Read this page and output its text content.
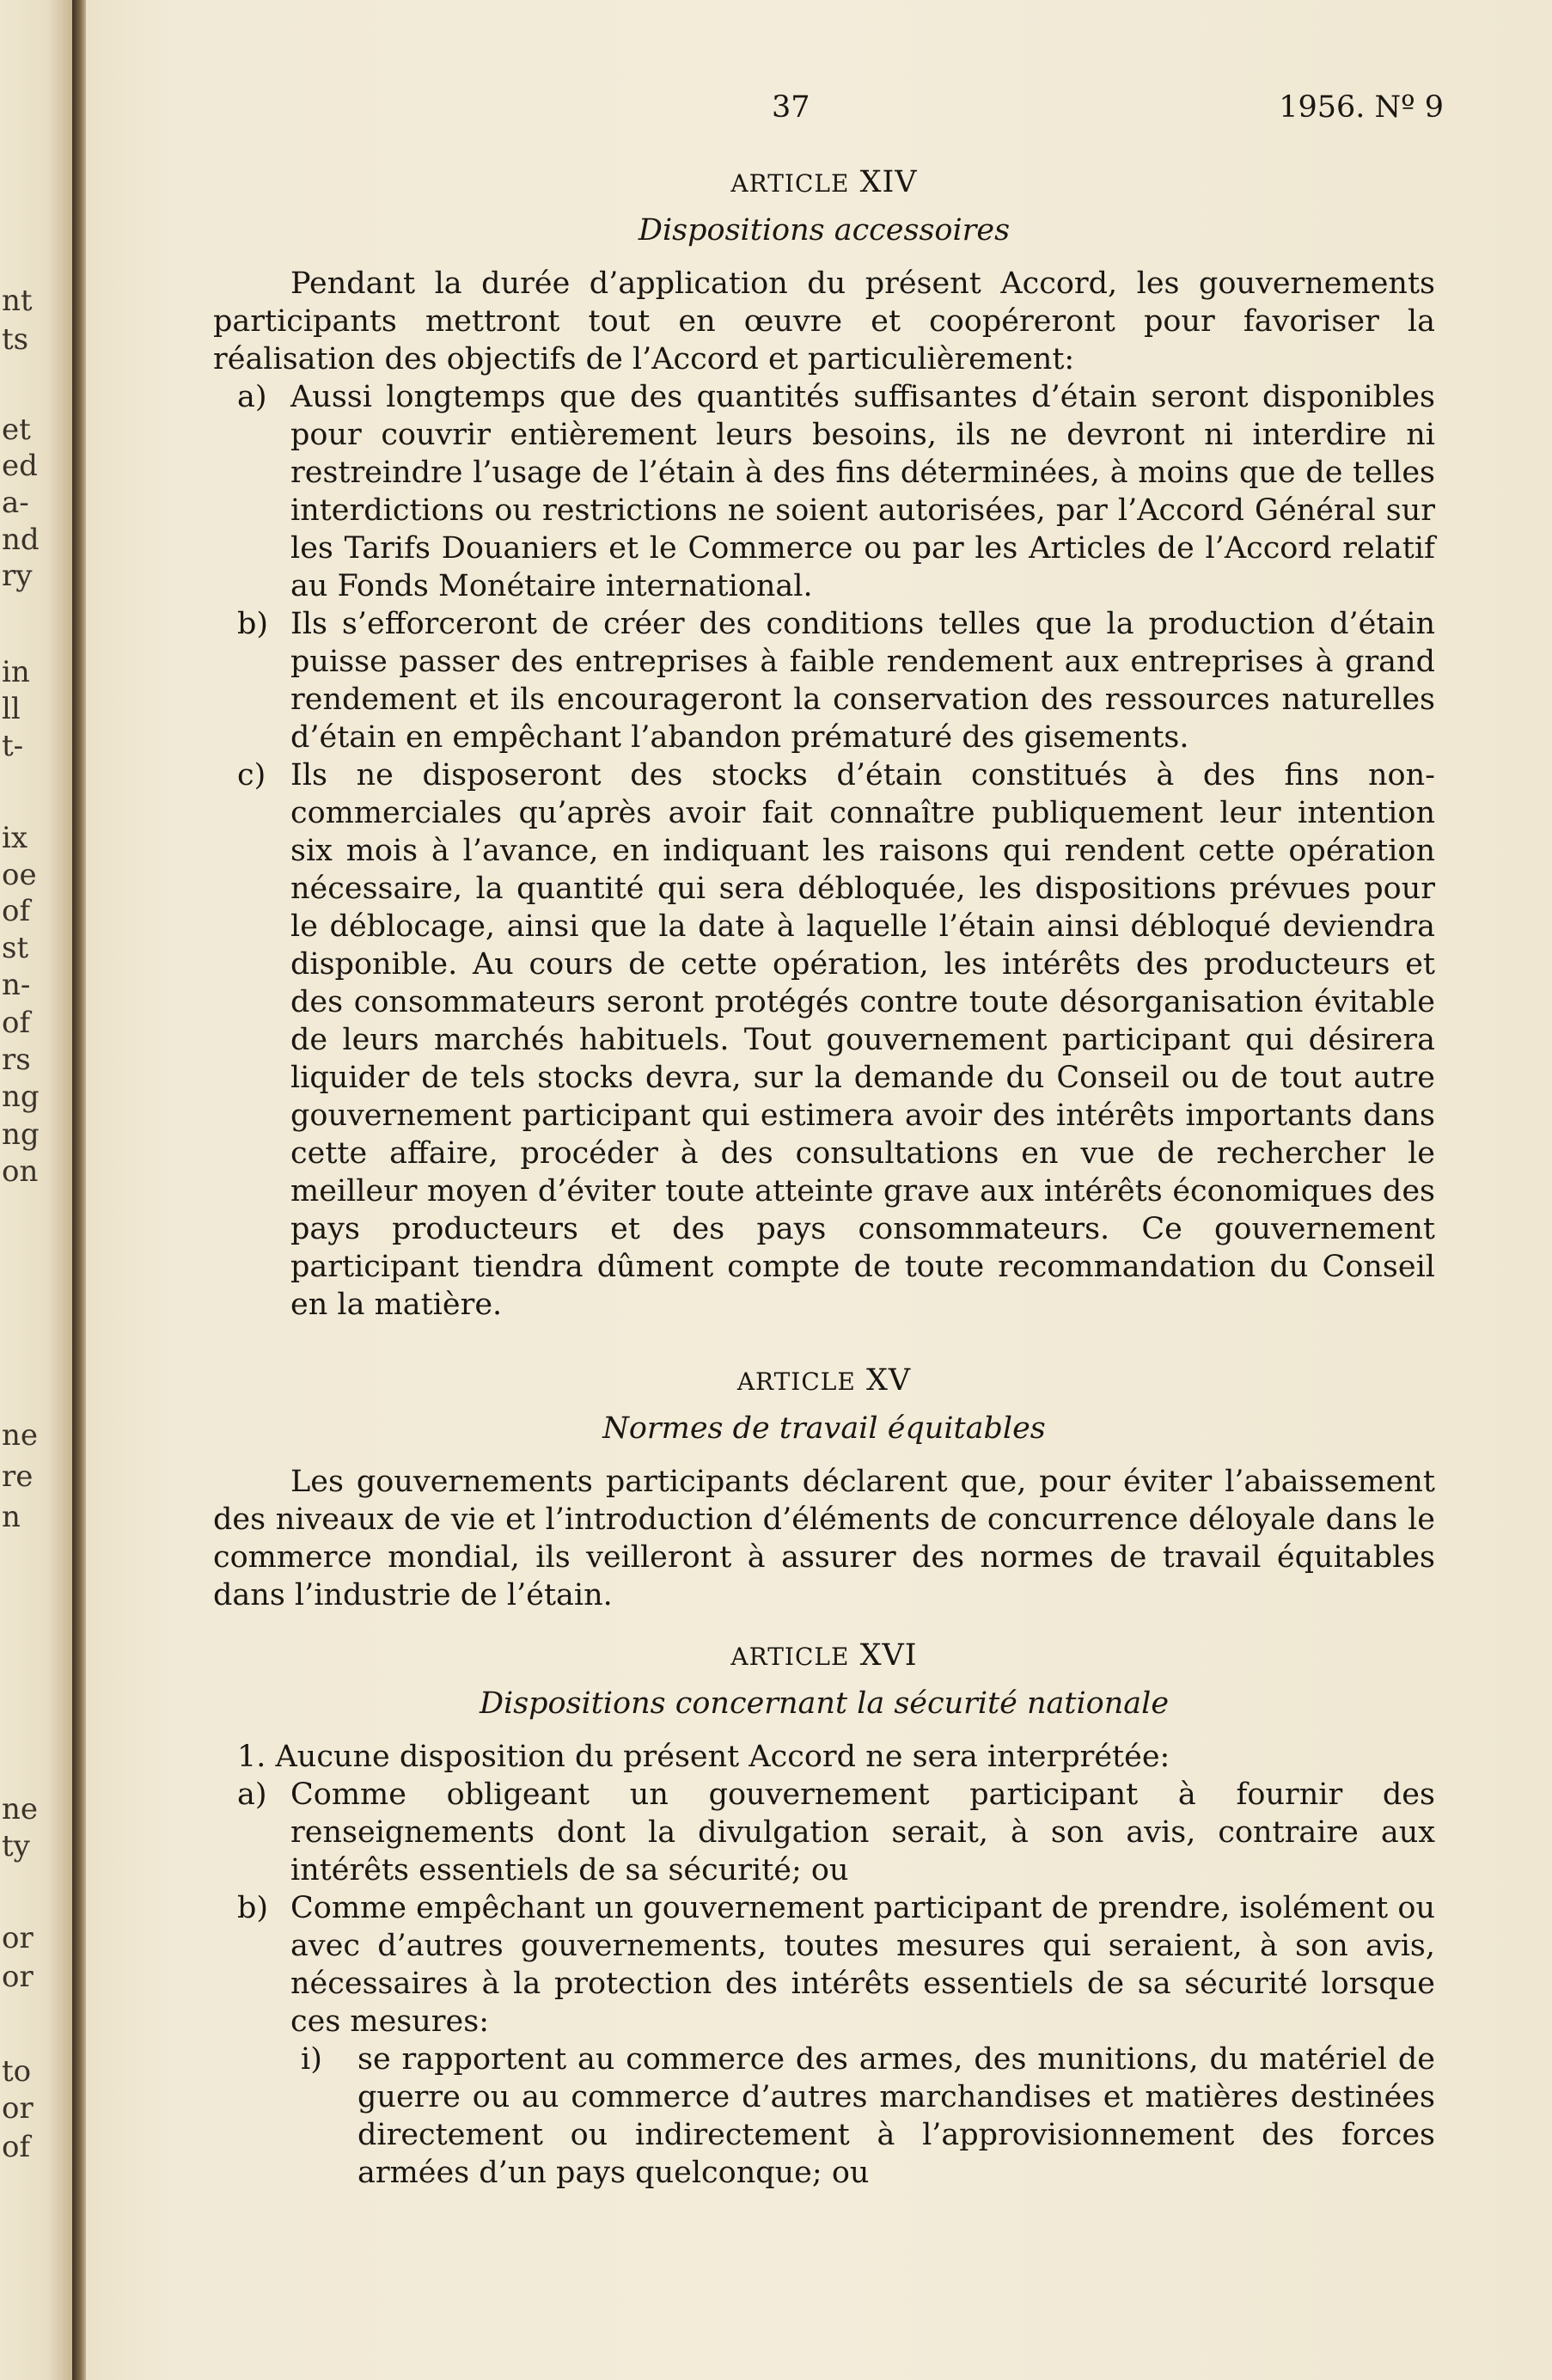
nt
ts
et
ed
a-
nd
ry
in
ll
t-
ix
oe
of
st
n-
of
rs
ng
ng
on
ne
re
n
ne
ty
or
or
to
or
of
37	1956. Nº 9
ARTICLE XIV
Dispositions accessoires

Pendant la durée d’application du présent Accord, les gouvernements participants mettront tout en œuvre et coopéreront pour favoriser la réalisation des objectifs de l’Accord et particulièrement:

a) Aussi longtemps que des quantités suffisantes d’étain seront disponibles pour couvrir entièrement leurs besoins, ils ne devront ni interdire ni restreindre l’usage de l’étain à des fins déterminées, à moins que de telles interdictions ou restrictions ne soient autorisées, par l’Accord Général sur les Tarifs Douaniers et le Commerce ou par les Articles de l’Accord relatif au Fonds Monétaire international.

b) Ils s’efforceront de créer des conditions telles que la production d’étain puisse passer des entreprises à faible rendement aux entreprises à grand rendement et ils encourageront la conservation des ressources naturelles d’étain en empêchant l’abandon prématuré des gisements.

c) Ils ne disposeront des stocks d’étain constitués à des fins non-commerciales qu’après avoir fait connaître publiquement leur intention six mois à l’avance, en indiquant les raisons qui rendent cette opération nécessaire, la quantité qui sera débloquée, les dispositions prévues pour le déblocage, ainsi que la date à laquelle l’étain ainsi débloqué deviendra disponible. Au cours de cette opération, les intérêts des producteurs et des consommateurs seront protégés contre toute désorganisation évitable de leurs marchés habituels. Tout gouvernement participant qui désirera liquider de tels stocks devra, sur la demande du Conseil ou de tout autre gouvernement participant qui estimera avoir des intérêts importants dans cette affaire, procéder à des consultations en vue de rechercher le meilleur moyen d’éviter toute atteinte grave aux intérêts économiques des pays producteurs et des pays consommateurs. Ce gouvernement participant tiendra dûment compte de toute recommandation du Conseil en la matière.

ARTICLE XV
Normes de travail équitables

Les gouvernements participants déclarent que, pour éviter l’abaissement des niveaux de vie et l’introduction d’éléments de concurrence déloyale dans le commerce mondial, ils veilleront à assurer des normes de travail équitables dans l’industrie de l’étain.

ARTICLE XVI
Dispositions concernant la sécurité nationale

1. Aucune disposition du présent Accord ne sera interprétée:

a) Comme obligeant un gouvernement participant à fournir des renseignements dont la divulgation serait, à son avis, contraire aux intérêts essentiels de sa sécurité; ou

b) Comme empêchant un gouvernement participant de prendre, isolément ou avec d’autres gouvernements, toutes mesures qui seraient, à son avis, nécessaires à la protection des intérêts essentiels de sa sécurité lorsque ces mesures:

i) se rapportent au commerce des armes, des munitions, du matériel de guerre ou au commerce d’autres marchandises et matières destinées directement ou indirectement à l’approvisionnement des forces armées d’un pays quelconque; ou
